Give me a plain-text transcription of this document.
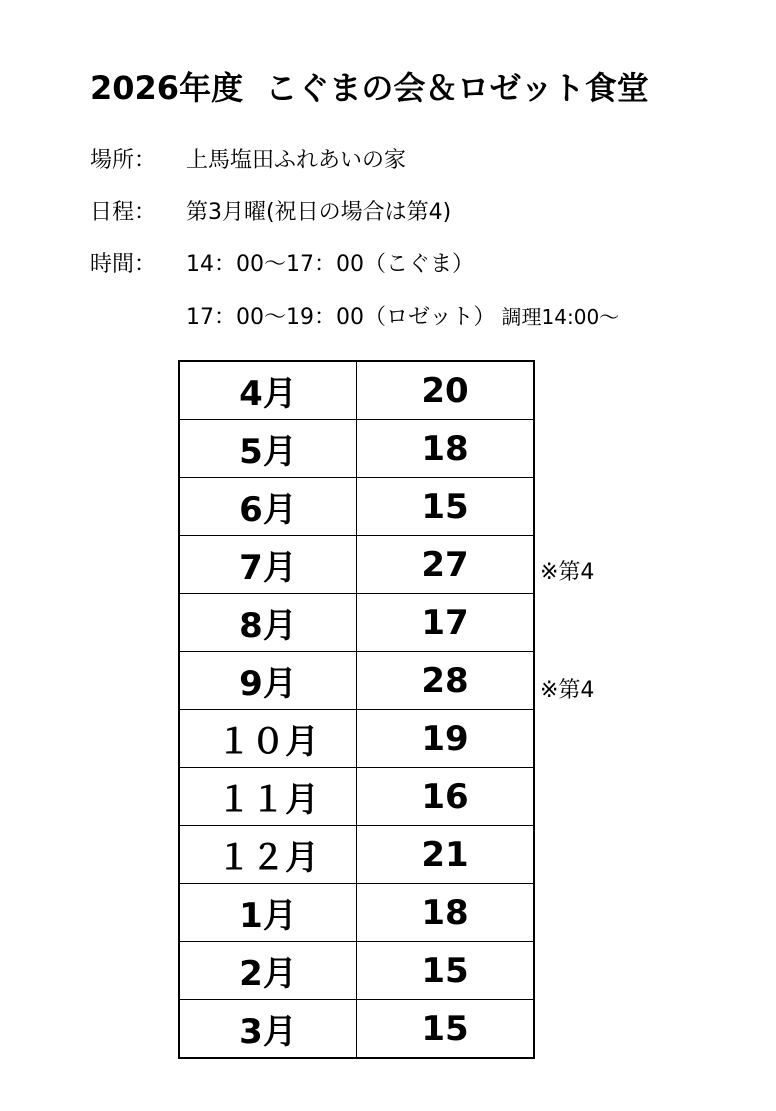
2026年度  こぐまの会＆ロゼット食堂
場所： 上馬塩田ふれあいの家
日程： 第3月曜(祝日の場合は第4)
時間： 14：00～17：00（こぐま）
17：00～19：00（ロゼット） 調理14:00～
4月	20
5月	18
6月	15
7月	27
8月	17
9月	28
１０月	19
１１月	16
１２月	21
1月	18
2月	15
3月	15
※第4
※第4
